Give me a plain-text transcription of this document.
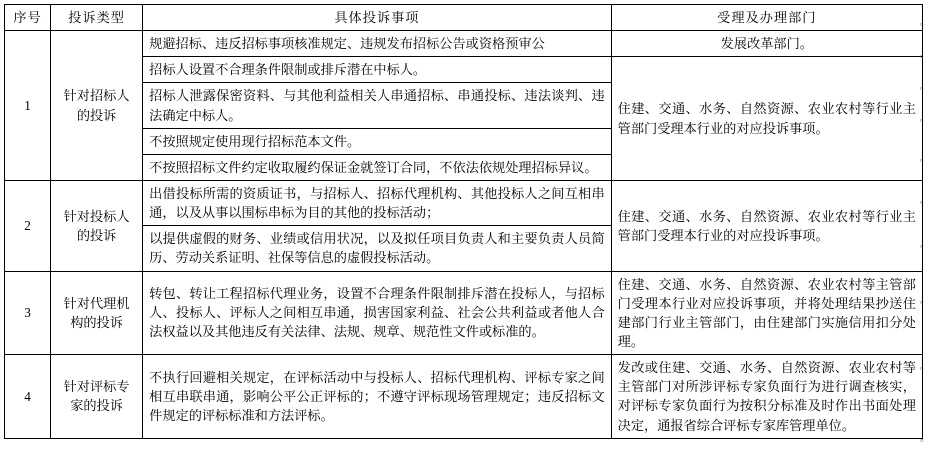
序号	投诉类型	具体投诉事项	受理及办理部门
1	针对招标人的投诉	规避招标、违反招标事项核准规定、违规发布招标公告或资格预审公	发展改革部门。
		招标人设置不合理条件限制或排斥潜在中标人。	住建、交通、水务、自然资源、农业农村等行业主管部门受理本行业的对应投诉事项。
		招标人泄露保密资料、与其他利益相关人串通招标、串通投标、违法谈判、违法确定中标人。	
		不按照规定使用现行招标范本文件。	
		不按照招标文件约定收取履约保证金就签订合同，不依法依规处理招标异议。	
2	针对投标人的投诉	出借投标所需的资质证书，与招标人、招标代理机构、其他投标人之间互相串通，以及从事以围标串标为目的其他的投标活动；	住建、交通、水务、自然资源、农业农村等行业主管部门受理本行业的对应投诉事项。
		以提供虚假的财务、业绩或信用状况，以及拟任项目负责人和主要负责人员简历、劳动关系证明、社保等信息的虚假投标活动。	
3	针对代理机构的投诉	转包、转让工程招标代理业务，设置不合理条件限制排斥潜在投标人，与招标人、投标人、评标人之间相互串通，损害国家利益、社会公共利益或者他人合法权益以及其他违反有关法律、法规、规章、规范性文件或标准的。	住建、交通、水务、自然资源、农业农村等主管部门受理本行业对应投诉事项，并将处理结果抄送住建部门行业主管部门，由住建部门实施信用扣分处理。
4	针对评标专家的投诉	不执行回避相关规定，在评标活动中与投标人、招标代理机构、评标专家之间相互串联串通，影响公平公正评标的；不遵守评标现场管理规定；违反招标文件规定的评标标准和方法评标。	发改或住建、交通、水务、自然资源、农业农村等主管部门对所涉评标专家负面行为进行调查核实，对评标专家负面行为按积分标准及时作出书面处理决定，通报省综合评标专家库管理单位。
。
。
。
。
。
。
。
。
。
。
